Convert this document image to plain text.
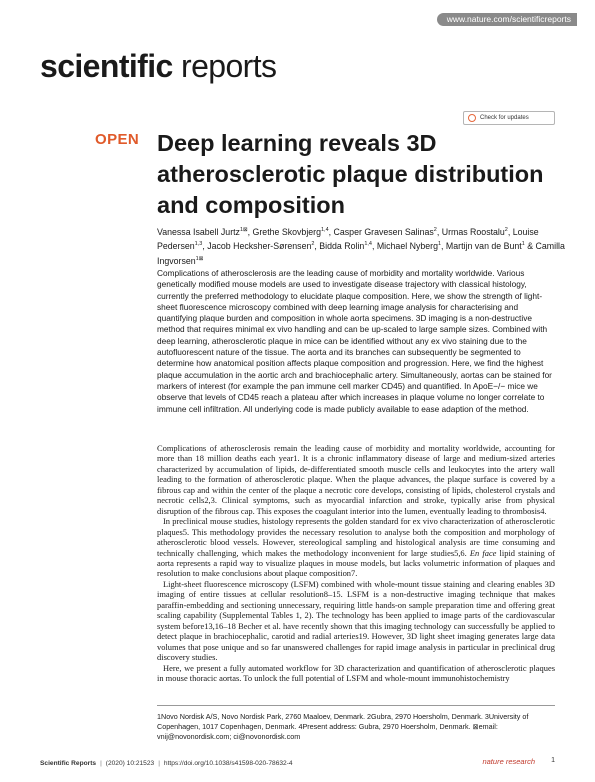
www.nature.com/scientificreports
scientific reports
Check for updates
OPEN Deep learning reveals 3D atherosclerotic plaque distribution and composition
Vanessa Isabell Jurtz$^{1⊠}$, Grethe Skovbjerg$^{1,4}$, Casper Gravesen Salinas$^2$, Urmas Roostalu$^2$, Louise Pedersen$^{1,3}$, Jacob Hecksher-Sørensen$^2$, Bidda Rolin$^{1,4}$, Michael Nyberg$^1$, Martijn van de Bunt$^1$ & Camilla Ingvorsen$^{1⊠}$

Complications of atherosclerosis are the leading cause of morbidity and mortality worldwide. Various genetically modified mouse models are used to investigate disease trajectory with classical histology, currently the preferred methodology to elucidate plaque composition. Here, we show the strength of light-sheet fluorescence microscopy combined with deep learning image analysis for characterising and quantifying plaque burden and composition in whole aorta specimens. 3D imaging is a non-destructive method that requires minimal ex vivo handling and can be up-scaled to large sample sizes. Combined with deep learning, atherosclerotic plaque in mice can be identified without any ex vivo staining due to the autofluorescent nature of the tissue. The aorta and its branches can subsequently be segmented to determine how anatomical position affects plaque composition and progression. Here, we find the highest plaque accumulation in the aortic arch and brachiocephalic artery. Simultaneously, aortas can be stained for markers of interest (for example the pan immune cell marker CD45) and quantified. In ApoE−/− mice we observe that levels of CD45 reach a plateau after which increases in plaque volume no longer correlate to immune cell infiltration. All underlying code is made publicly available to ease adaption of the method.

Complications of atherosclerosis remain the leading cause of morbidity and mortality worldwide, accounting for more than 18 million deaths each year1. It is a chronic inflammatory disease of large and medium-sized arteries characterized by accumulation of lipids, de-differentiated smooth muscle cells and leukocytes into the artery wall leading to the formation of atherosclerotic plaque. When the plaque advances, the plaque surface is covered by a fibrous cap and within the center of the plaque a necrotic core develops, consisting of lipids, cholesterol crystals and necrotic cells2,3. Clinical symptoms, such as myocardial infarction and stroke, typically arise from physical disruption of the fibrous cap. This exposes the coagulant interior into the lumen, eventually leading to thrombosis4.

In preclinical mouse studies, histology represents the golden standard for ex vivo characterization of atherosclerotic plaques5. This methodology provides the necessary resolution to analyse both the composition and morphology of atherosclerotic blood vessels. However, stereological sampling and histological analysis are time consuming and technically challenging, which makes the methodology inconvenient for large studies5,6. En face lipid staining of aorta represents a rapid way to visualize plaques in mouse models, but lacks volumetric information of plaques and resolution to make conclusions about plaque composition7.

Light-sheet fluorescence microscopy (LSFM) combined with whole-mount tissue staining and clearing enables 3D imaging of entire tissues at cellular resolution8–15. LSFM is a non-destructive imaging technique that makes paraffin-embedding and sectioning unnecessary, requiring little hands-on sample preparation time and offering great scaling capability (Supplemental Tables 1, 2). The technology has been applied to image parts of the cardiovascular system before13,16–18 Becher et al. have recently shown that this imaging technology can successfully be applied to detect plaque in brachiocephalic, carotid and radial arteries19. However, 3D light sheet imaging generates large data volumes that pose unique and so far unanswered challenges for rapid image analysis in particular in preclinical drug discovery studies.

Here, we present a fully automated workflow for 3D characterization and quantification of atherosclerotic plaques in mouse thoracic aortas. To unlock the full potential of LSFM and whole-mount immunohistochemistry

1Novo Nordisk A/S, Novo Nordisk Park, 2760 Maaloev, Denmark. 2Gubra, 2970 Hoersholm, Denmark. 3University of Copenhagen, 1017 Copenhagen, Denmark. 4Present address: Gubra, 2970 Hoersholm, Denmark. ⊠email: vnij@novonordisk.com; ci@novonordisk.com

Scientific Reports | (2020) 10:21523 | https://doi.org/10.1038/s41598-020-78632-4	nature research 1
